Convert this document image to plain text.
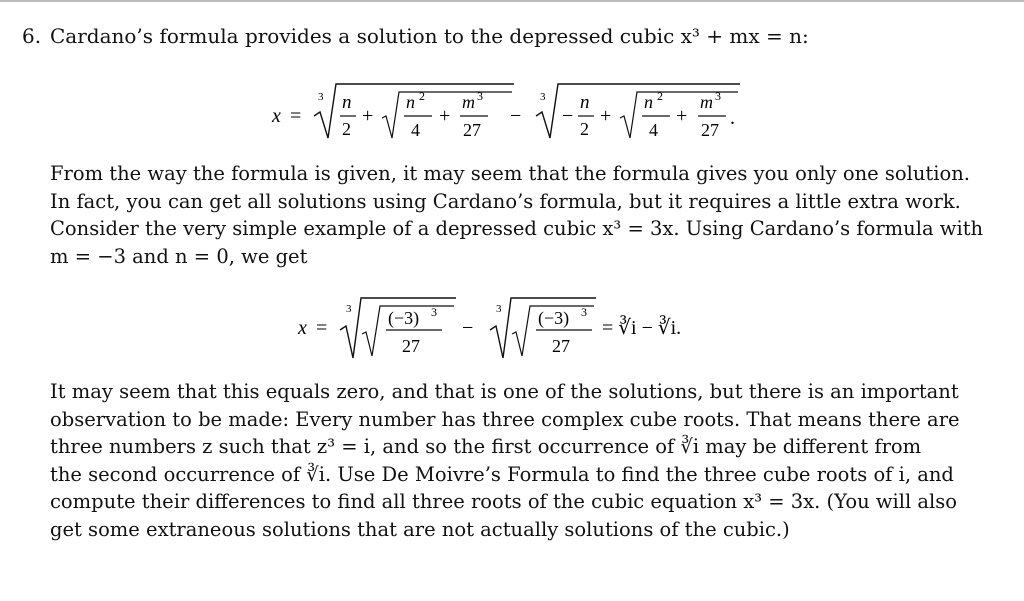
6. Cardano’s formula provides a solution to the depressed cubic x³ + mx = n:
x =
3 n
2
+
n 2
4
+
m 3
27
−
3
−
n
2
+
n 2
4
+
m 3
27
.
From the way the formula is given, it may seem that the formula gives you only one solution.
In fact, you can get all solutions using Cardano’s formula, but it requires a little extra work.
Consider the very simple example of a depressed cubic x³ = 3x. Using Cardano’s formula with
m = −3 and n = 0, we get
x =
3 (−3) 3
27
−
3 (−3) 3
27
= ∛i − ∛i.
It may seem that this equals zero, and that is one of the solutions, but there is an important
observation to be made: Every number has three complex cube roots. That means there are
three numbers z such that z³ = i, and so the first occurrence of ∛i may be different from
the second occurrence of ∛i. Use De Moivre’s Formula to find the three cube roots of i, and
compute their differences to find all three roots of the cubic equation x³ = 3x. (You will also
get some extraneous solutions that are not actually solutions of the cubic.)
